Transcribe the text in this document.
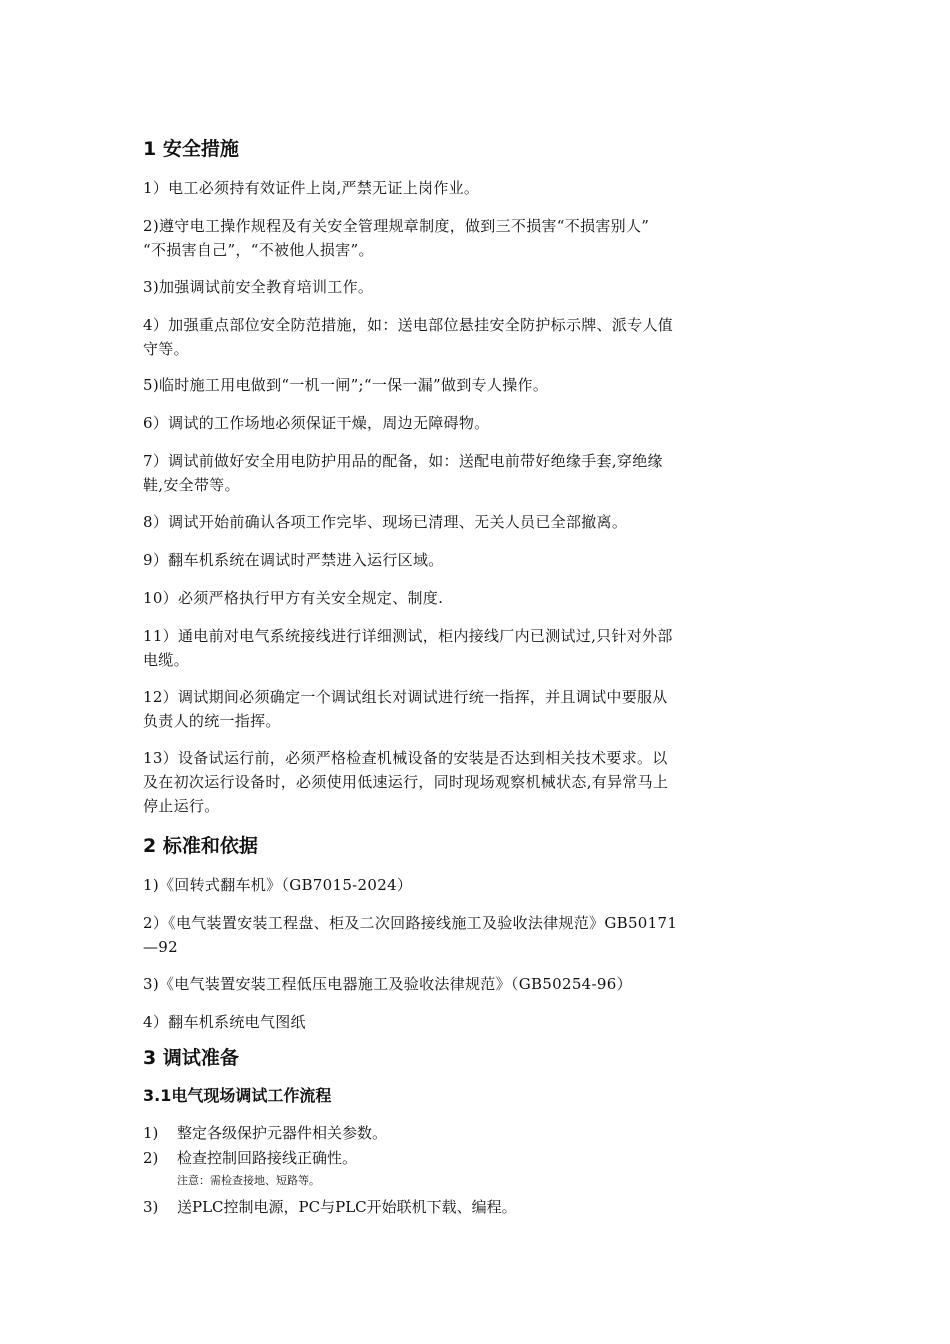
1 安全措施
1）电工必须持有效证件上岗,严禁无证上岗作业。
2)遵守电工操作规程及有关安全管理规章制度，做到三不损害“不损害别人”
“不损害自己”，“不被他人损害”。
3)加强调试前安全教育培训工作。
4）加强重点部位安全防范措施，如：送电部位悬挂安全防护标示牌、派专人值
守等。
5)临时施工用电做到“一机一闸”;“一保一漏”做到专人操作。
6）调试的工作场地必须保证干燥，周边无障碍物。
7）调试前做好安全用电防护用品的配备，如：送配电前带好绝缘手套,穿绝缘
鞋,安全带等。
8）调试开始前确认各项工作完毕、现场已清理、无关人员已全部撤离。
9）翻车机系统在调试时严禁进入运行区域。
10）必须严格执行甲方有关安全规定、制度.
11）通电前对电气系统接线进行详细测试，柜内接线厂内已测试过,只针对外部
电缆。
12）调试期间必须确定一个调试组长对调试进行统一指挥，并且调试中要服从
负责人的统一指挥。
13）设备试运行前，必须严格检查机械设备的安装是否达到相关技术要求。以
及在初次运行设备时，必须使用低速运行，同时现场观察机械状态,有异常马上
停止运行。
2 标准和依据
1)《回转式翻车机》（GB7015-2024）
2）《电气装置安装工程盘、柜及二次回路接线施工及验收法律规范》GB50171
—92
3)《电气装置安装工程低压电器施工及验收法律规范》（GB50254-96）
4）翻车机系统电气图纸
3 调试准备
3.1电气现场调试工作流程
1) 整定各级保护元器件相关参数。
2) 检查控制回路接线正确性。
注意：需检查接地、短路等。
3) 送PLC控制电源，PC与PLC开始联机下载、编程。
